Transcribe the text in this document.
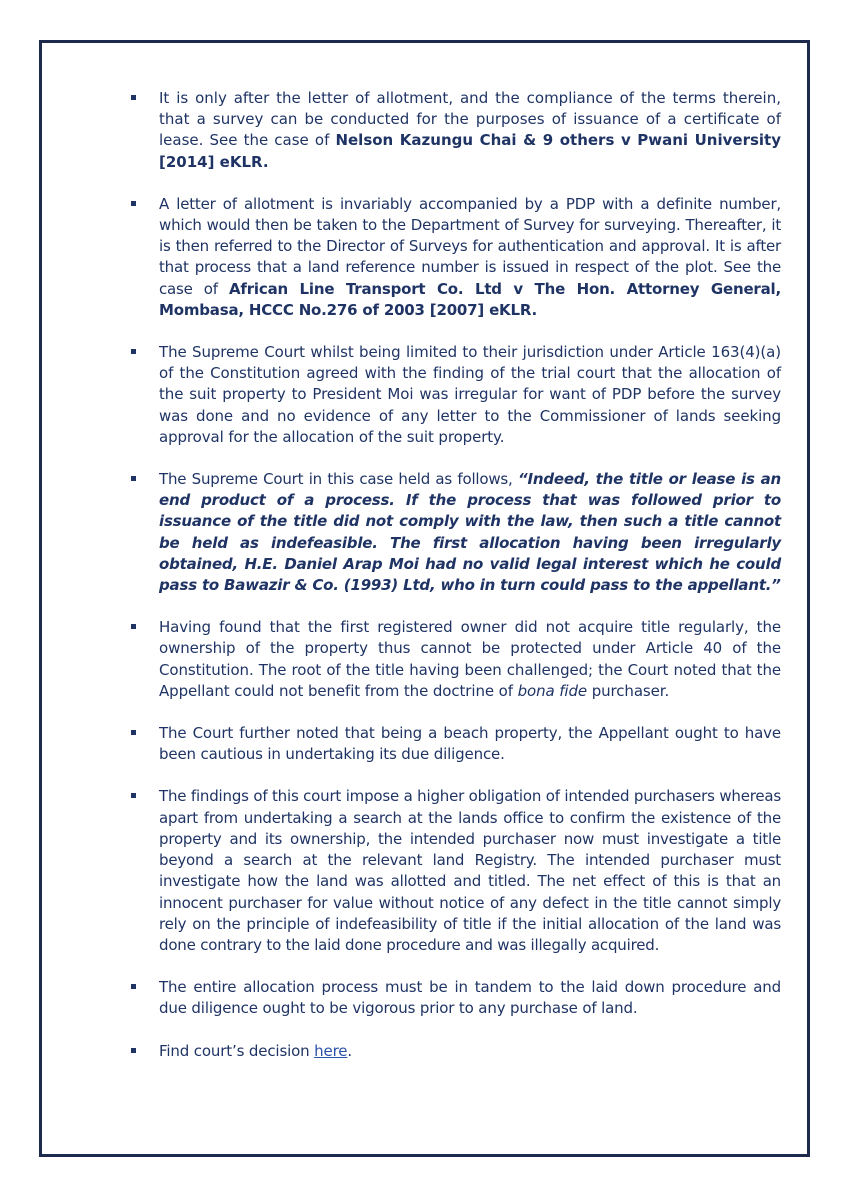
It is only after the letter of allotment, and the compliance of the terms therein, that a survey can be conducted for the purposes of issuance of a certificate of lease. See the case of Nelson Kazungu Chai & 9 others v Pwani University [2014] eKLR.
A letter of allotment is invariably accompanied by a PDP with a definite number, which would then be taken to the Department of Survey for surveying. Thereafter, it is then referred to the Director of Surveys for authentication and approval. It is after that process that a land reference number is issued in respect of the plot. See the case of African Line Transport Co. Ltd v The Hon. Attorney General, Mombasa, HCCC No.276 of 2003 [2007] eKLR.
The Supreme Court whilst being limited to their jurisdiction under Article 163(4)(a) of the Constitution agreed with the finding of the trial court that the allocation of the suit property to President Moi was irregular for want of PDP before the survey was done and no evidence of any letter to the Commissioner of lands seeking approval for the allocation of the suit property.
The Supreme Court in this case held as follows, “Indeed, the title or lease is an end product of a process. If the process that was followed prior to issuance of the title did not comply with the law, then such a title cannot be held as indefeasible. The first allocation having been irregularly obtained, H.E. Daniel Arap Moi had no valid legal interest which he could pass to Bawazir & Co. (1993) Ltd, who in turn could pass to the appellant.”
Having found that the first registered owner did not acquire title regularly, the ownership of the property thus cannot be protected under Article 40 of the Constitution. The root of the title having been challenged; the Court noted that the Appellant could not benefit from the doctrine of bona fide purchaser.
The Court further noted that being a beach property, the Appellant ought to have been cautious in undertaking its due diligence.
The findings of this court impose a higher obligation of intended purchasers whereas apart from undertaking a search at the lands office to confirm the existence of the property and its ownership, the intended purchaser now must investigate a title beyond a search at the relevant land Registry. The intended purchaser must investigate how the land was allotted and titled. The net effect of this is that an innocent purchaser for value without notice of any defect in the title cannot simply rely on the principle of indefeasibility of title if the initial allocation of the land was done contrary to the laid done procedure and was illegally acquired.
The entire allocation process must be in tandem to the laid down procedure and due diligence ought to be vigorous prior to any purchase of land.
Find court’s decision here.
